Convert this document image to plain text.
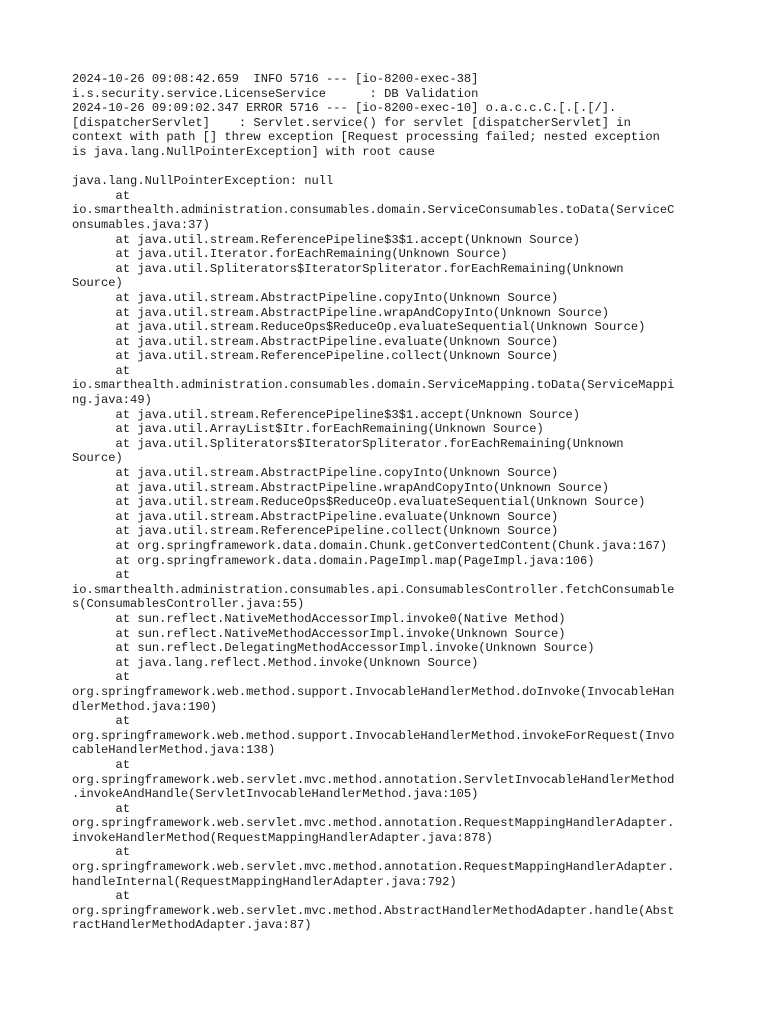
2024-10-26 09:08:42.659  INFO 5716 --- [io-8200-exec-38]
i.s.security.service.LicenseService      : DB Validation
2024-10-26 09:09:02.347 ERROR 5716 --- [io-8200-exec-10] o.a.c.c.C.[.[.[/].
[dispatcherServlet]    : Servlet.service() for servlet [dispatcherServlet] in
context with path [] threw exception [Request processing failed; nested exception
is java.lang.NullPointerException] with root cause
java.lang.NullPointerException: null
at
io.smarthealth.administration.consumables.domain.ServiceConsumables.toData(ServiceC
onsumables.java:37)
at java.util.stream.ReferencePipeline$3$1.accept(Unknown Source)
at java.util.Iterator.forEachRemaining(Unknown Source)
at java.util.Spliterators$IteratorSpliterator.forEachRemaining(Unknown
Source)
at java.util.stream.AbstractPipeline.copyInto(Unknown Source)
at java.util.stream.AbstractPipeline.wrapAndCopyInto(Unknown Source)
at java.util.stream.ReduceOps$ReduceOp.evaluateSequential(Unknown Source)
at java.util.stream.AbstractPipeline.evaluate(Unknown Source)
at java.util.stream.ReferencePipeline.collect(Unknown Source)
at
io.smarthealth.administration.consumables.domain.ServiceMapping.toData(ServiceMappi
ng.java:49)
at java.util.stream.ReferencePipeline$3$1.accept(Unknown Source)
at java.util.ArrayList$Itr.forEachRemaining(Unknown Source)
at java.util.Spliterators$IteratorSpliterator.forEachRemaining(Unknown
Source)
at java.util.stream.AbstractPipeline.copyInto(Unknown Source)
at java.util.stream.AbstractPipeline.wrapAndCopyInto(Unknown Source)
at java.util.stream.ReduceOps$ReduceOp.evaluateSequential(Unknown Source)
at java.util.stream.AbstractPipeline.evaluate(Unknown Source)
at java.util.stream.ReferencePipeline.collect(Unknown Source)
at org.springframework.data.domain.Chunk.getConvertedContent(Chunk.java:167)
at org.springframework.data.domain.PageImpl.map(PageImpl.java:106)
at
io.smarthealth.administration.consumables.api.ConsumablesController.fetchConsumable
s(ConsumablesController.java:55)
at sun.reflect.NativeMethodAccessorImpl.invoke0(Native Method)
at sun.reflect.NativeMethodAccessorImpl.invoke(Unknown Source)
at sun.reflect.DelegatingMethodAccessorImpl.invoke(Unknown Source)
at java.lang.reflect.Method.invoke(Unknown Source)
at
org.springframework.web.method.support.InvocableHandlerMethod.doInvoke(InvocableHan
dlerMethod.java:190)
at
org.springframework.web.method.support.InvocableHandlerMethod.invokeForRequest(Invo
cableHandlerMethod.java:138)
at
org.springframework.web.servlet.mvc.method.annotation.ServletInvocableHandlerMethod
.invokeAndHandle(ServletInvocableHandlerMethod.java:105)
at
org.springframework.web.servlet.mvc.method.annotation.RequestMappingHandlerAdapter.
invokeHandlerMethod(RequestMappingHandlerAdapter.java:878)
at
org.springframework.web.servlet.mvc.method.annotation.RequestMappingHandlerAdapter.
handleInternal(RequestMappingHandlerAdapter.java:792)
at
org.springframework.web.servlet.mvc.method.AbstractHandlerMethodAdapter.handle(Abst
ractHandlerMethodAdapter.java:87)
